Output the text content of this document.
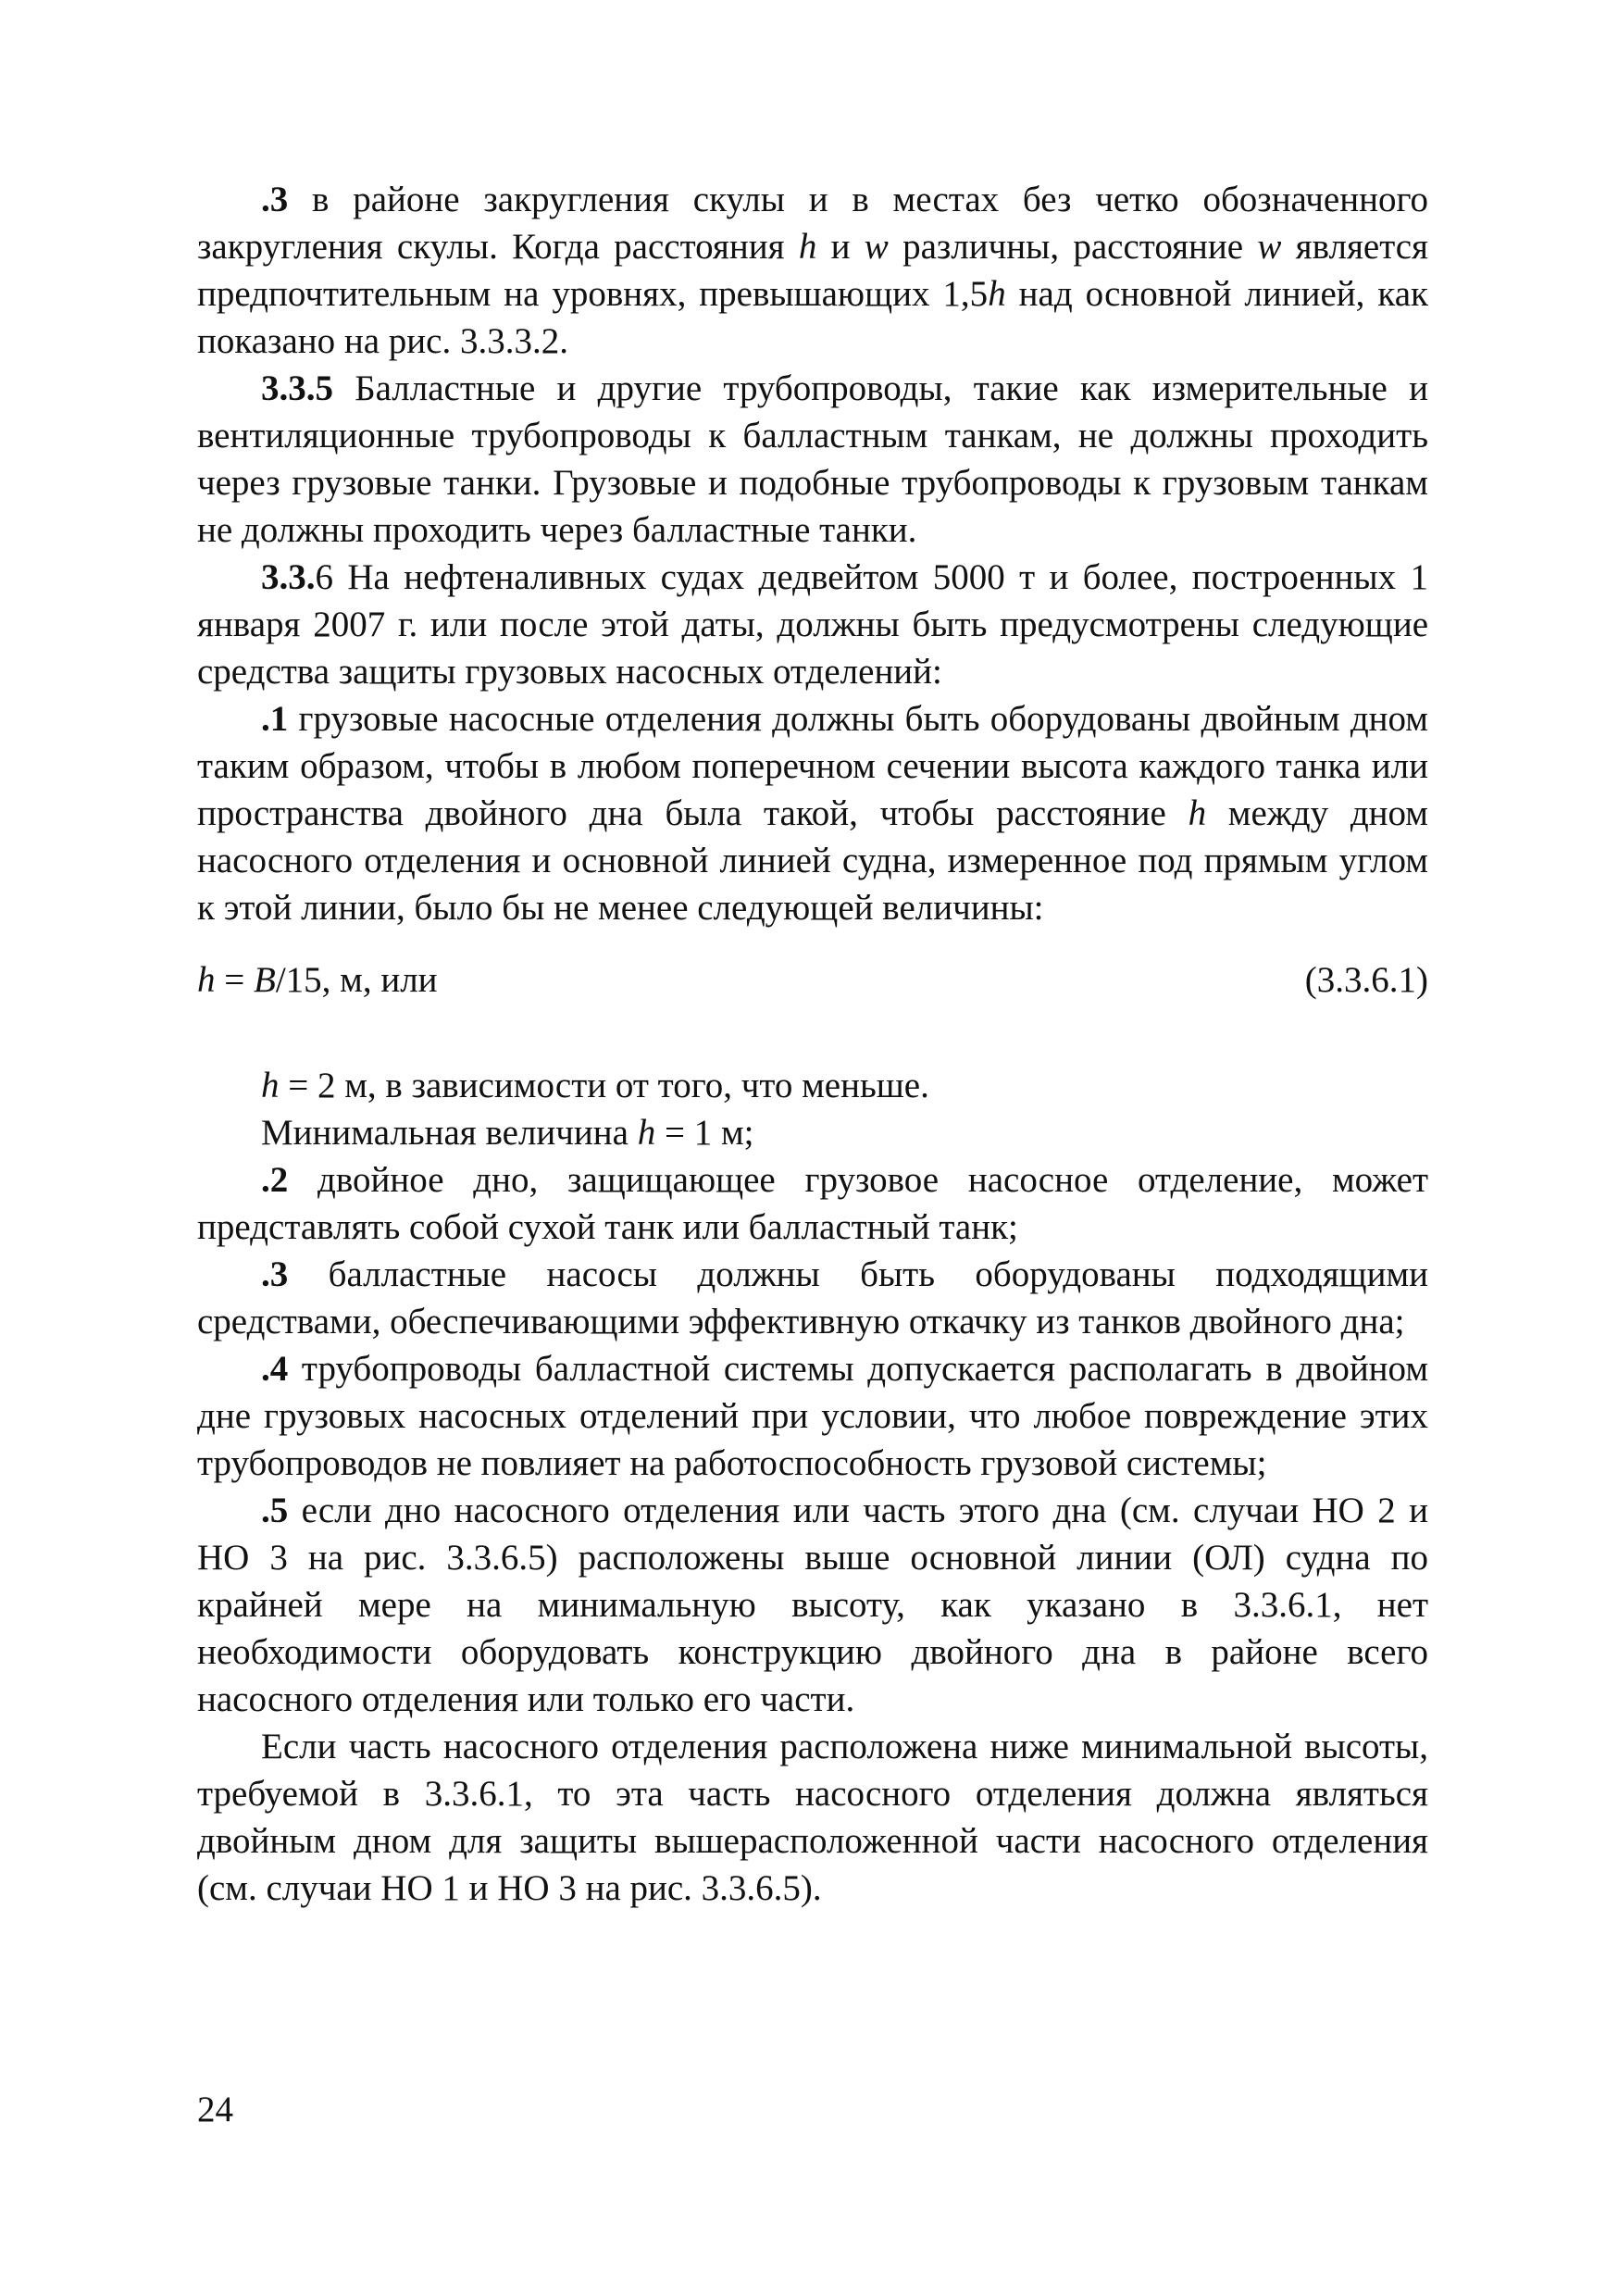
.3 в районе закругления скулы и в местах без четко обозначенного закругления скулы. Когда расстояния h и w различны, расстояние w является предпочтительным на уровнях, превышающих 1,5h над основной линией, как показано на рис. 3.3.3.2.

3.3.5 Балластные и другие трубопроводы, такие как измерительные и вентиляционные трубопроводы к балластным танкам, не должны проходить через грузовые танки. Грузовые и подобные трубопроводы к грузовым танкам не должны проходить через балластные танки.

3.3.6 На нефтеналивных судах дедвейтом 5000 т и более, построенных 1 января 2007 г. или после этой даты, должны быть предусмотрены следующие средства защиты грузовых насосных отделений:

.1 грузовые насосные отделения должны быть оборудованы двойным дном таким образом, чтобы в любом поперечном сечении высота каждого танка или пространства двойного дна была такой, чтобы расстояние h между дном насосного отделения и основной линией судна, измеренное под прямым углом к этой линии, было бы не менее следующей величины:

h = B/15, м, или	(3.3.6.1)

h = 2 м, в зависимости от того, что меньше.

Минимальная величина h = 1 м;

.2 двойное дно, защищающее грузовое насосное отделение, может представлять собой сухой танк или балластный танк;

.3 балластные насосы должны быть оборудованы подходящими средствами, обеспечивающими эффективную откачку из танков двойного дна;

.4 трубопроводы балластной системы допускается располагать в двойном дне грузовых насосных отделений при условии, что любое повреждение этих трубопроводов не повлияет на работоспособность грузовой системы;

.5 если дно насосного отделения или часть этого дна (см. случаи НО 2 и НО 3 на рис. 3.3.6.5) расположены выше основной линии (ОЛ) судна по крайней мере на минимальную высоту, как указано в 3.3.6.1, нет необходимости оборудовать конструкцию двойного дна в районе всего насосного отделения или только его части.

Если часть насосного отделения расположена ниже минимальной высоты, требуемой в 3.3.6.1, то эта часть насосного отделения должна являться двойным дном для защиты вышерасположенной части насосного отделения (см. случаи НО 1 и НО 3 на рис. 3.3.6.5).

24
